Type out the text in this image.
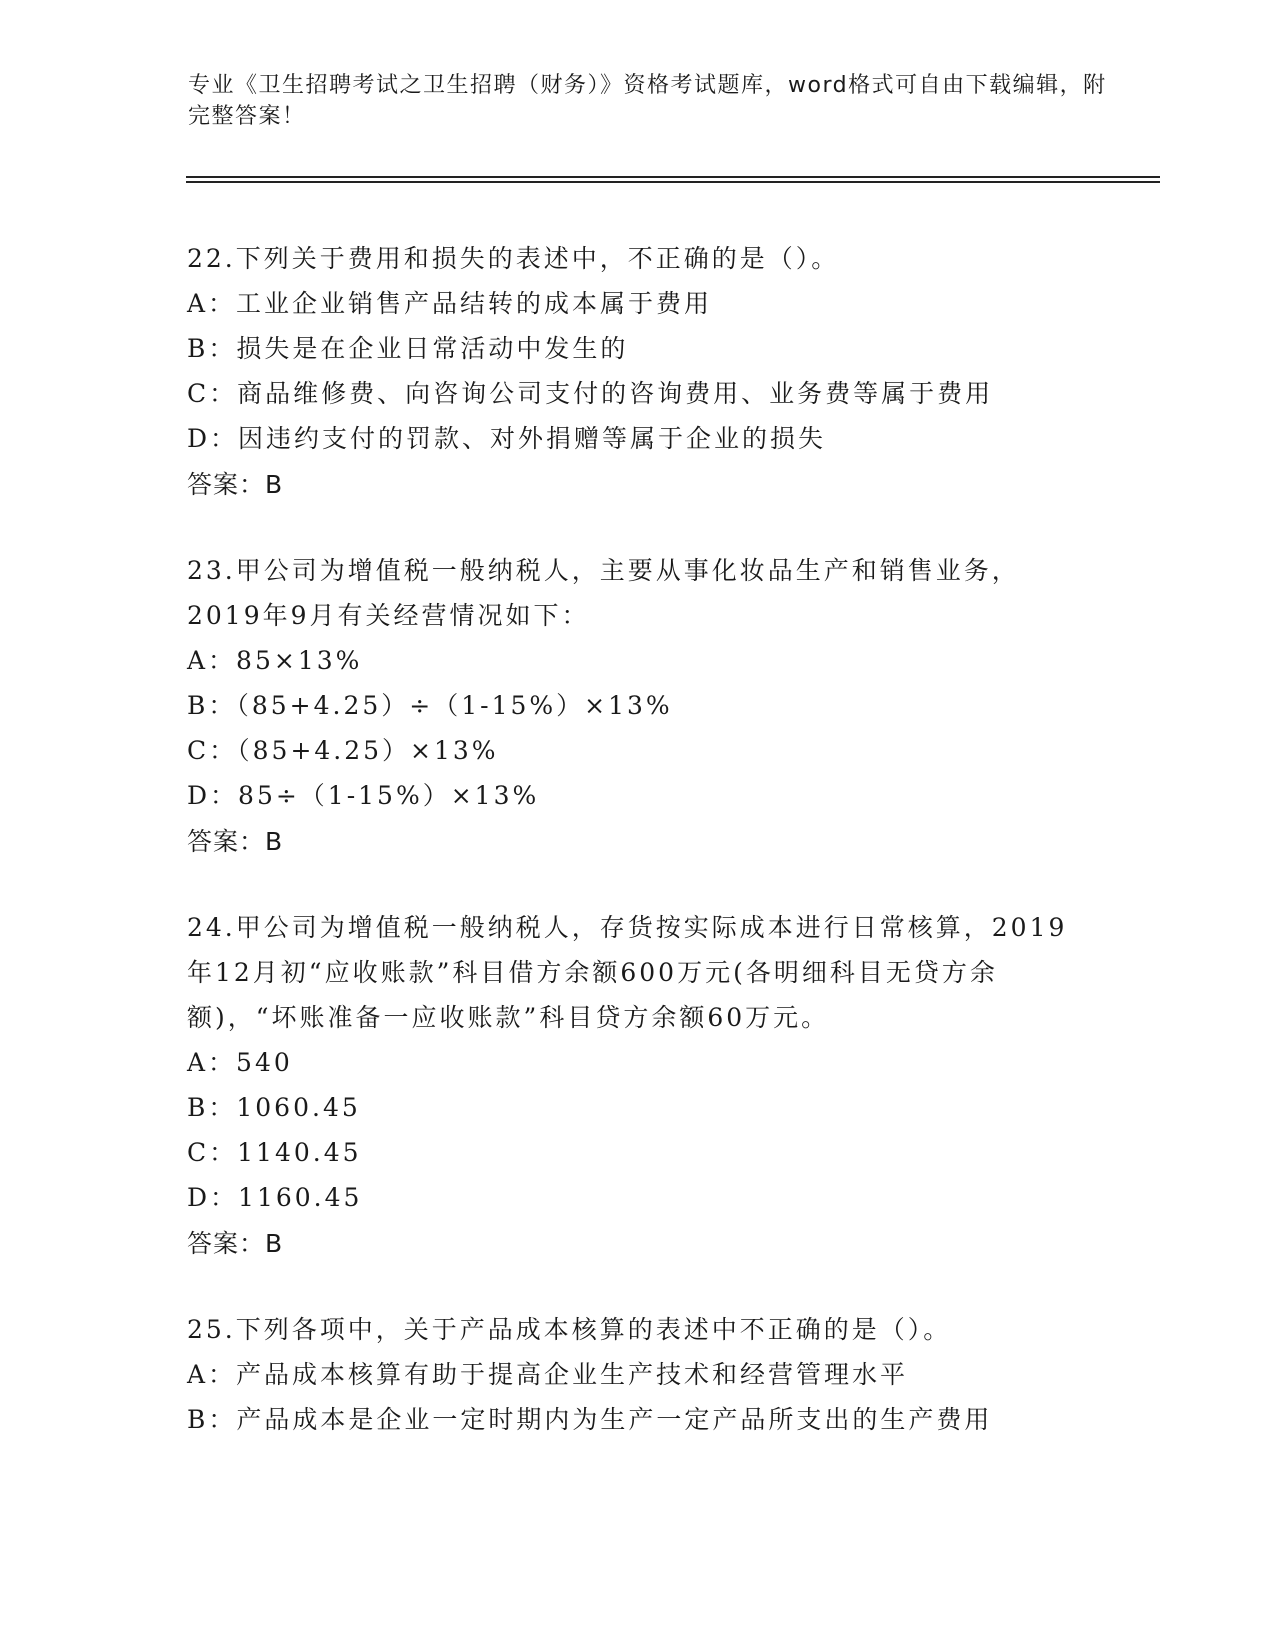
专业《卫生招聘考试之卫生招聘（财务）》资格考试题库，word格式可自由下载编辑，附完整答案！
22.下列关于费用和损失的表述中，不正确的是（）。
A：工业企业销售产品结转的成本属于费用
B：损失是在企业日常活动中发生的
C：商品维修费、向咨询公司支付的咨询费用、业务费等属于费用
D：因违约支付的罚款、对外捐赠等属于企业的损失
答案：B
23.甲公司为增值税一般纳税人，主要从事化妆品生产和销售业务，2019年9月有关经营情况如下：
A：85×13%
B：（85+4.25）÷（1-15%）×13%
C：（85+4.25）×13%
D：85÷（1-15%）×13%
答案：B
24.甲公司为增值税一般纳税人，存货按实际成本进行日常核算，2019年12月初“应收账款”科目借方余额600万元(各明细科目无贷方余额)，“坏账准备一应收账款”科目贷方余额60万元。
A：540
B：1060.45
C：1140.45
D：1160.45
答案：B
25.下列各项中，关于产品成本核算的表述中不正确的是（）。
A：产品成本核算有助于提高企业生产技术和经营管理水平
B：产品成本是企业一定时期内为生产一定产品所支出的生产费用
